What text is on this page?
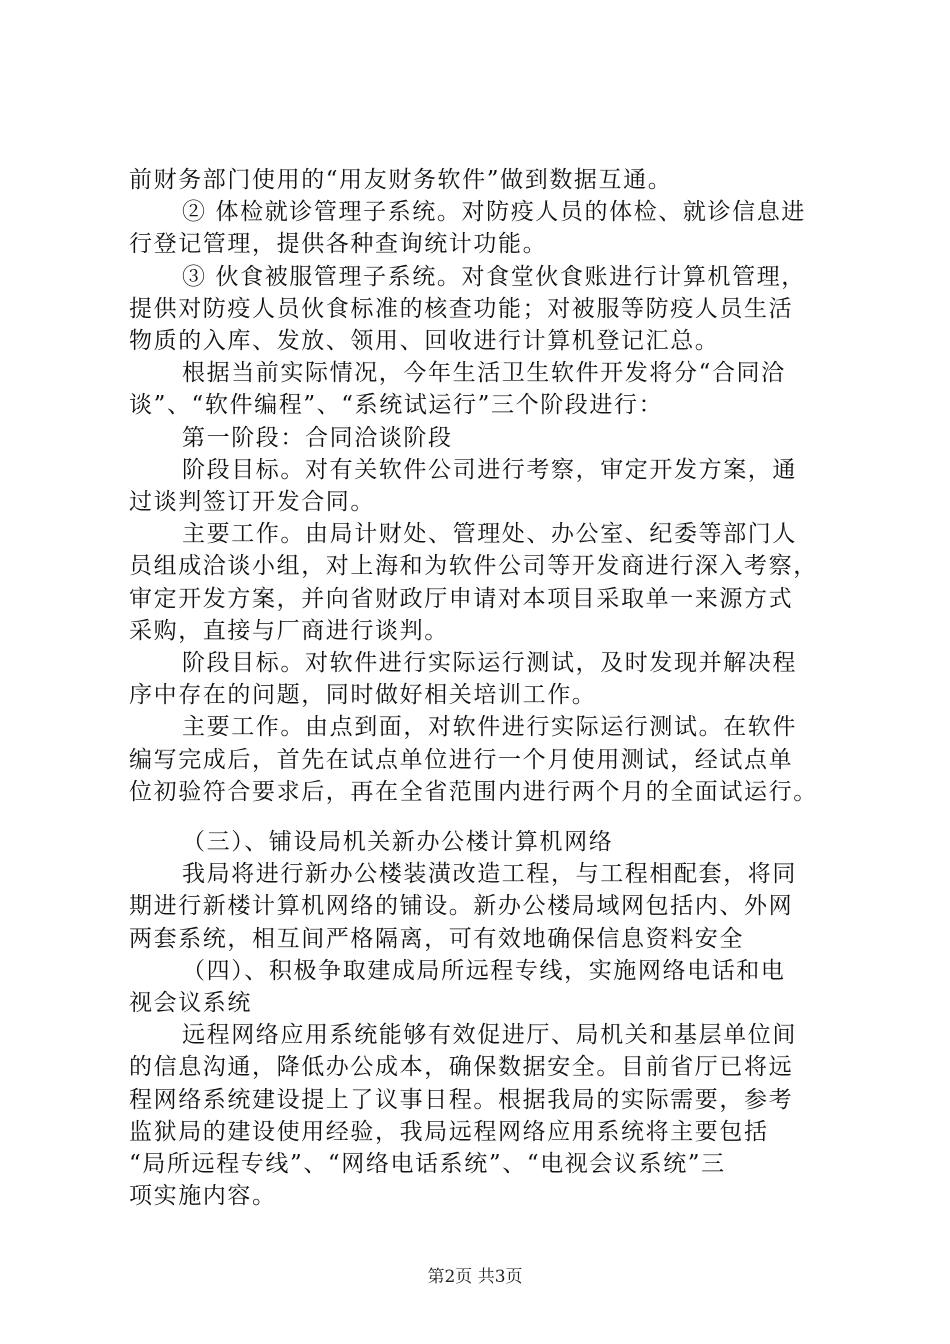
前财务部门使用的“用友财务软件”做到数据互通。
② 体检就诊管理子系统。对防疫人员的体检、就诊信息进
行登记管理，提供各种查询统计功能。
③ 伙食被服管理子系统。对食堂伙食账进行计算机管理，
提供对防疫人员伙食标准的核查功能；对被服等防疫人员生活
物质的入库、发放、领用、回收进行计算机登记汇总。
根据当前实际情况，今年生活卫生软件开发将分“合同洽
谈”、“软件编程”、“系统试运行”三个阶段进行：
第一阶段：合同洽谈阶段
阶段目标。对有关软件公司进行考察，审定开发方案，通
过谈判签订开发合同。
主要工作。由局计财处、管理处、办公室、纪委等部门人
员组成洽谈小组，对上海和为软件公司等开发商进行深入考察，
审定开发方案，并向省财政厅申请对本项目采取单一来源方式
采购，直接与厂商进行谈判。
阶段目标。对软件进行实际运行测试，及时发现并解决程
序中存在的问题，同时做好相关培训工作。
主要工作。由点到面，对软件进行实际运行测试。在软件
编写完成后，首先在试点单位进行一个月使用测试，经试点单
位初验符合要求后，再在全省范围内进行两个月的全面试运行。
（三）、铺设局机关新办公楼计算机网络
我局将进行新办公楼装潢改造工程，与工程相配套，将同
期进行新楼计算机网络的铺设。新办公楼局域网包括内、外网
两套系统，相互间严格隔离，可有效地确保信息资料安全
（四）、积极争取建成局所远程专线，实施网络电话和电
视会议系统
远程网络应用系统能够有效促进厅、局机关和基层单位间
的信息沟通，降低办公成本，确保数据安全。目前省厅已将远
程网络系统建设提上了议事日程。根据我局的实际需要，参考
监狱局的建设使用经验，我局远程网络应用系统将主要包括
“局所远程专线”、“网络电话系统”、“电视会议系统”三
项实施内容。
第2页 共3页
